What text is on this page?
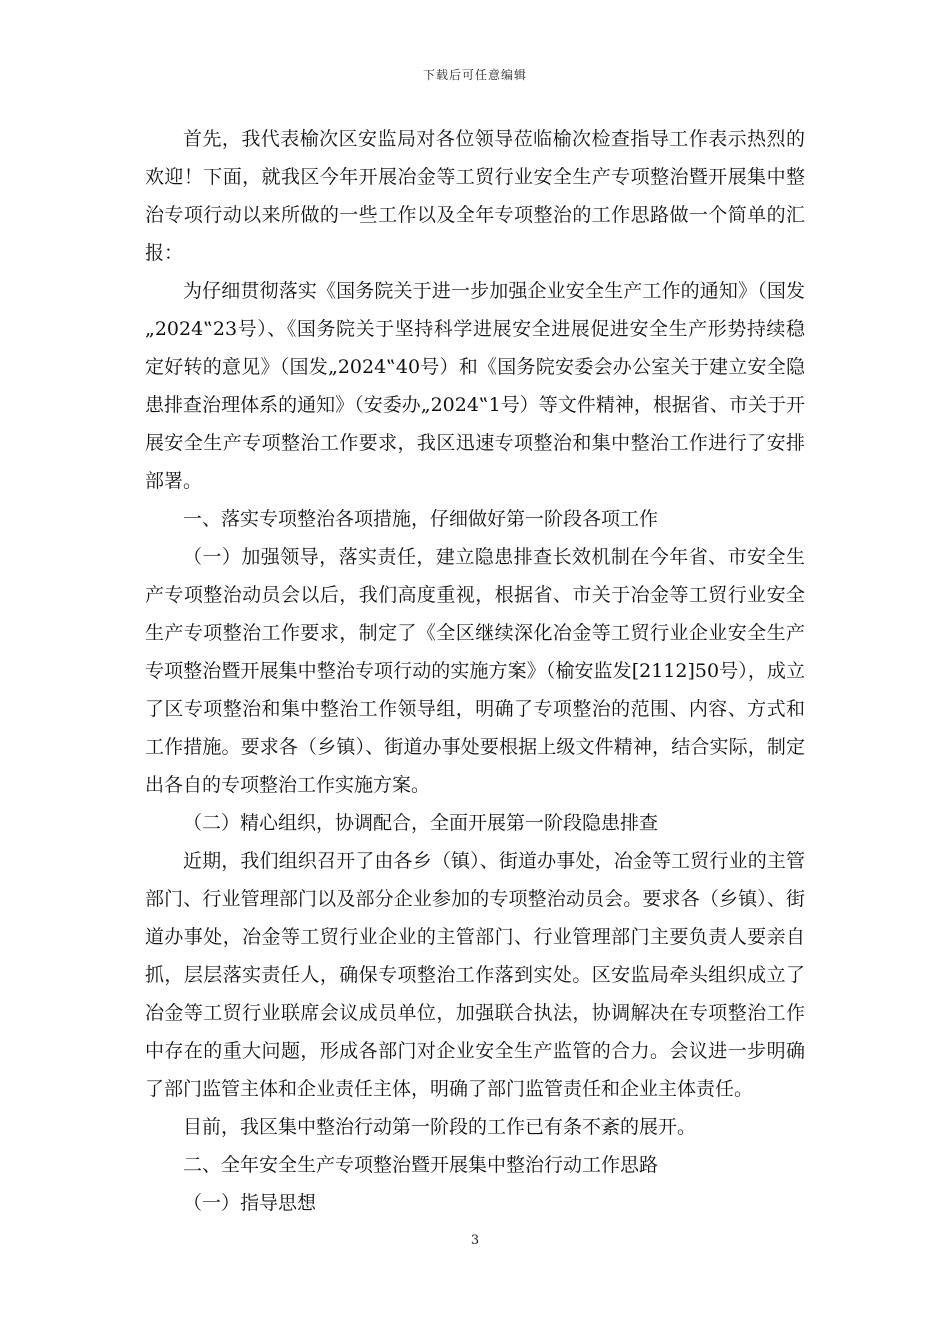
下载后可任意编辑

首先，我代表榆次区安监局对各位领导莅临榆次检查指导工作表示热烈的欢迎！下面，就我区今年开展冶金等工贸行业安全生产专项整治暨开展集中整治专项行动以来所做的一些工作以及全年专项整治的工作思路做一个简单的汇报：

为仔细贯彻落实《国务院关于进一步加强企业安全生产工作的通知》（国发„2024‟23号）、《国务院关于坚持科学进展安全进展促进安全生产形势持续稳定好转的意见》（国发„2024‟40号）和《国务院安委会办公室关于建立安全隐患排查治理体系的通知》（安委办„2024‟1号）等文件精神，根据省、市关于开展安全生产专项整治工作要求，我区迅速专项整治和集中整治工作进行了安排部署。

一、落实专项整治各项措施，仔细做好第一阶段各项工作

（一）加强领导，落实责任，建立隐患排查长效机制在今年省、市安全生产专项整治动员会以后，我们高度重视，根据省、市关于冶金等工贸行业安全生产专项整治工作要求，制定了《全区继续深化冶金等工贸行业企业安全生产专项整治暨开展集中整治专项行动的实施方案》（榆安监发[2112]50号），成立了区专项整治和集中整治工作领导组，明确了专项整治的范围、内容、方式和工作措施。要求各（乡镇）、街道办事处要根据上级文件精神，结合实际，制定出各自的专项整治工作实施方案。

（二）精心组织，协调配合，全面开展第一阶段隐患排查

近期，我们组织召开了由各乡（镇）、街道办事处，冶金等工贸行业的主管部门、行业管理部门以及部分企业参加的专项整治动员会。要求各（乡镇）、街道办事处，冶金等工贸行业企业的主管部门、行业管理部门主要负责人要亲自抓，层层落实责任人，确保专项整治工作落到实处。区安监局牵头组织成立了冶金等工贸行业联席会议成员单位，加强联合执法，协调解决在专项整治工作中存在的重大问题，形成各部门对企业安全生产监管的合力。会议进一步明确了部门监管主体和企业责任主体，明确了部门监管责任和企业主体责任。

目前，我区集中整治行动第一阶段的工作已有条不紊的展开。

二、全年安全生产专项整治暨开展集中整治行动工作思路

（一）指导思想

3
